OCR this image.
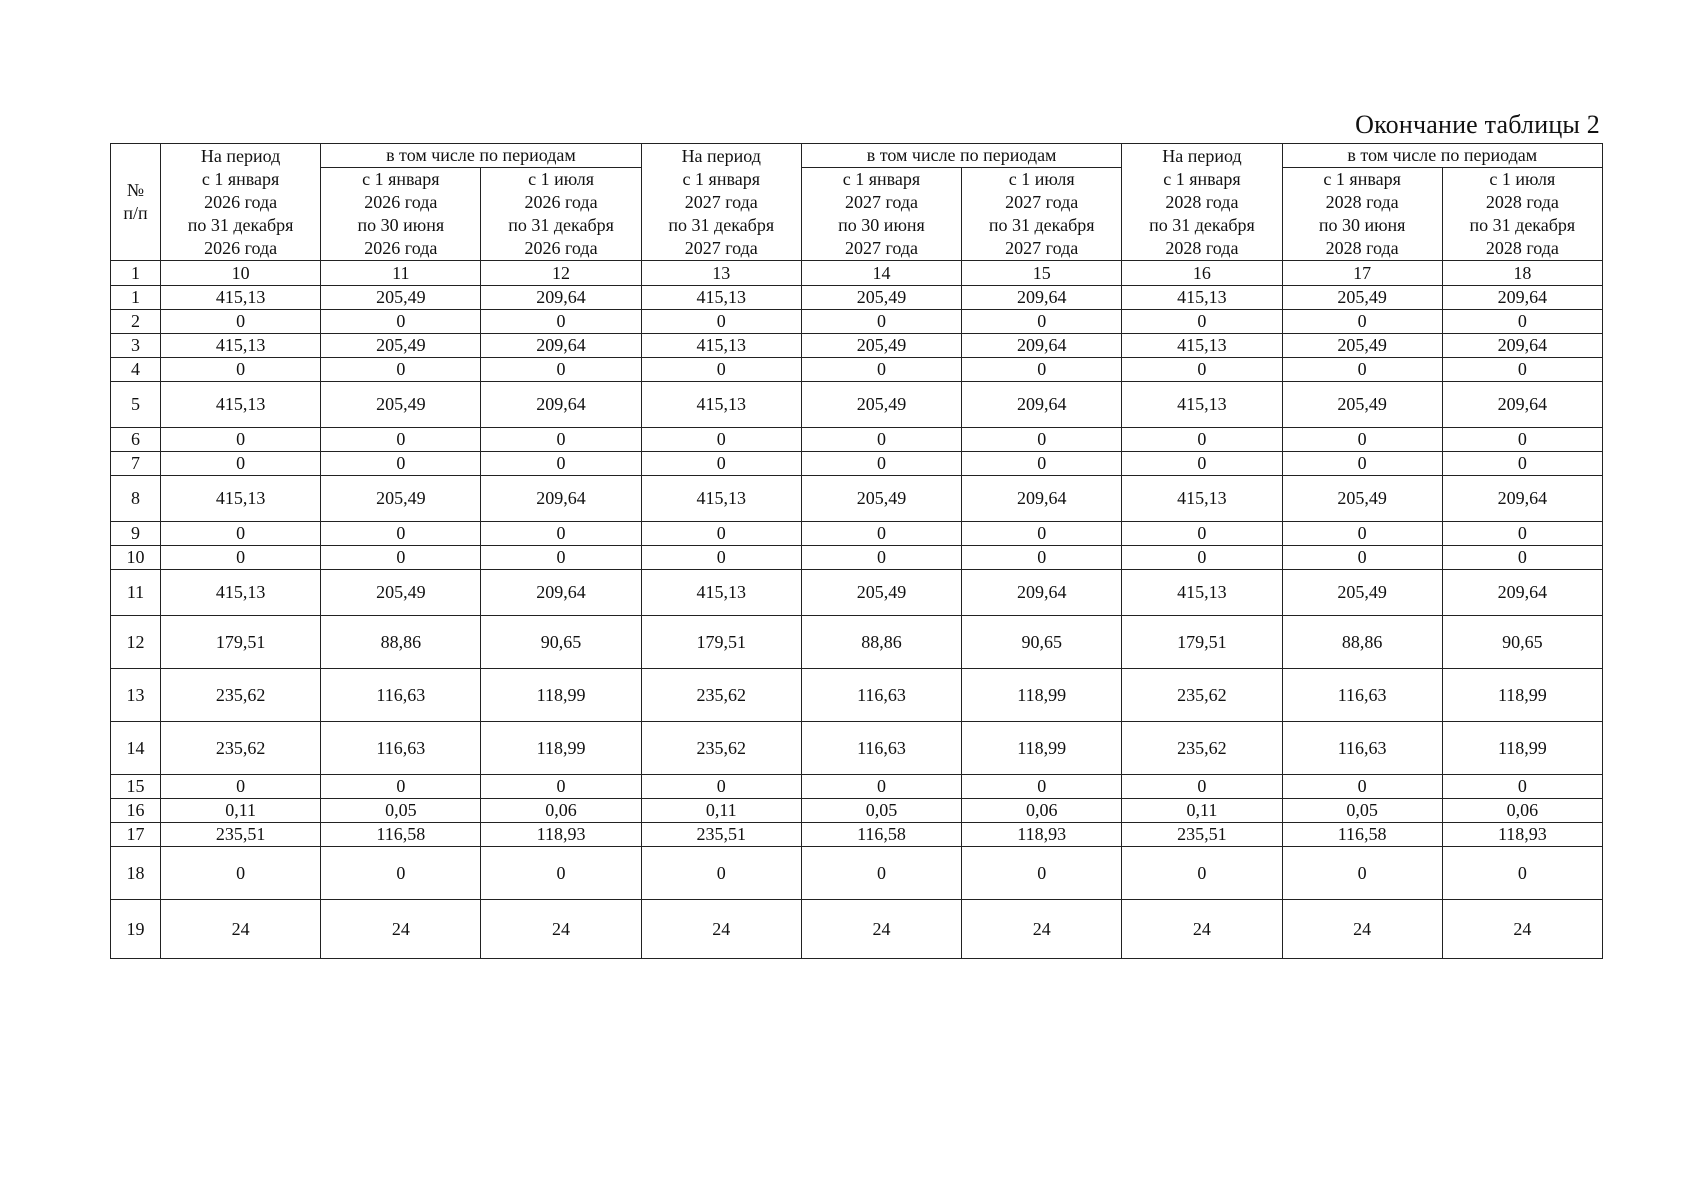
Окончание таблицы 2
№
п/п	На период
с 1 января
2026 года
по 31 декабря
2026 года	в том числе по периодам		На период
с 1 января
2027 года
по 31 декабря
2027 года	в том числе по периодам		На период
с 1 января
2028 года
по 31 декабря
2028 года	в том числе по периодам	
		с 1 января
2026 года
по 30 июня
2026 года	с 1 июля
2026 года
по 31 декабря
2026 года		с 1 января
2027 года
по 30 июня
2027 года	с 1 июля
2027 года
по 31 декабря
2027 года		с 1 января
2028 года
по 30 июня
2028 года	с 1 июля
2028 года
по 31 декабря
2028 года
1	10	11	12	13	14	15	16	17	18
1	415,13	205,49	209,64	415,13	205,49	209,64	415,13	205,49	209,64
2	0	0	0	0	0	0	0	0	0
3	415,13	205,49	209,64	415,13	205,49	209,64	415,13	205,49	209,64
4	0	0	0	0	0	0	0	0	0
5	415,13	205,49	209,64	415,13	205,49	209,64	415,13	205,49	209,64
6	0	0	0	0	0	0	0	0	0
7	0	0	0	0	0	0	0	0	0
8	415,13	205,49	209,64	415,13	205,49	209,64	415,13	205,49	209,64
9	0	0	0	0	0	0	0	0	0
10	0	0	0	0	0	0	0	0	0
11	415,13	205,49	209,64	415,13	205,49	209,64	415,13	205,49	209,64
12	179,51	88,86	90,65	179,51	88,86	90,65	179,51	88,86	90,65
13	235,62	116,63	118,99	235,62	116,63	118,99	235,62	116,63	118,99
14	235,62	116,63	118,99	235,62	116,63	118,99	235,62	116,63	118,99
15	0	0	0	0	0	0	0	0	0
16	0,11	0,05	0,06	0,11	0,05	0,06	0,11	0,05	0,06
17	235,51	116,58	118,93	235,51	116,58	118,93	235,51	116,58	118,93
18	0	0	0	0	0	0	0	0	0
19	24	24	24	24	24	24	24	24	24
